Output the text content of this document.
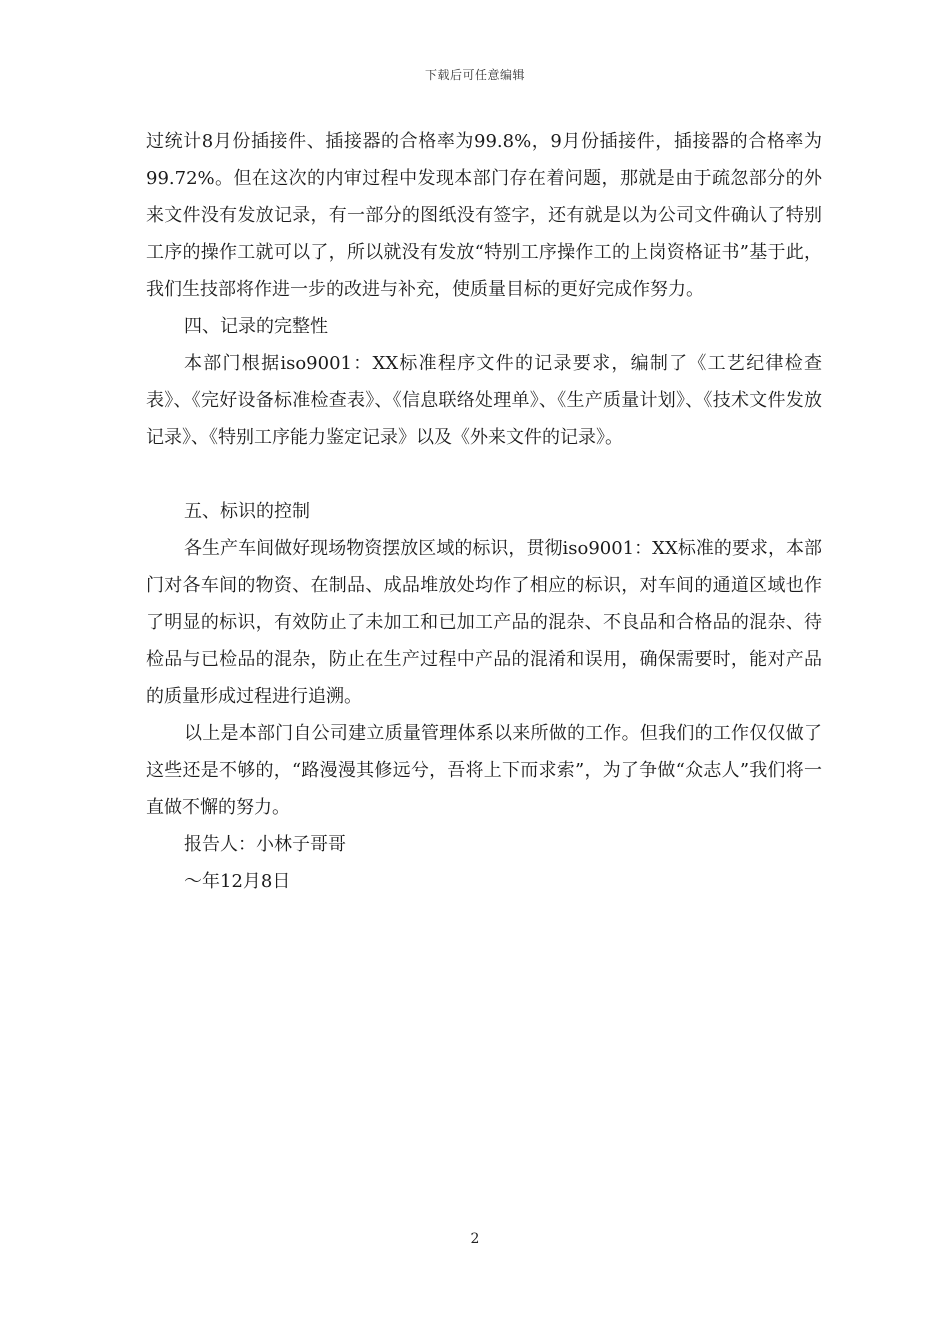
下载后可任意编辑

过统计8月份插接件、插接器的合格率为99.8%，9月份插接件，插接器的合格率为99.72%。但在这次的内审过程中发现本部门存在着问题，那就是由于疏忽部分的外来文件没有发放记录，有一部分的图纸没有签字，还有就是以为公司文件确认了特别工序的操作工就可以了，所以就没有发放“特别工序操作工的上岗资格证书”基于此，我们生技部将作进一步的改进与补充，使质量目标的更好完成作努力。

四、记录的完整性

本部门根据iso9001：XX标准程序文件的记录要求，编制了《工艺纪律检查表》、《完好设备标准检查表》、《信息联络处理单》、《生产质量计划》、《技术文件发放记录》、《特别工序能力鉴定记录》以及《外来文件的记录》。

五、标识的控制

各生产车间做好现场物资摆放区域的标识，贯彻iso9001：XX标准的要求，本部门对各车间的物资、在制品、成品堆放处均作了相应的标识，对车间的通道区域也作了明显的标识，有效防止了未加工和已加工产品的混杂、不良品和合格品的混杂、待检品与已检品的混杂，防止在生产过程中产品的混淆和误用，确保需要时，能对产品的质量形成过程进行追溯。

以上是本部门自公司建立质量管理体系以来所做的工作。但我们的工作仅仅做了这些还是不够的，“路漫漫其修远兮，吾将上下而求索”，为了争做“众志人”我们将一直做不懈的努力。

报告人：小林子哥哥

～年12月8日

2
